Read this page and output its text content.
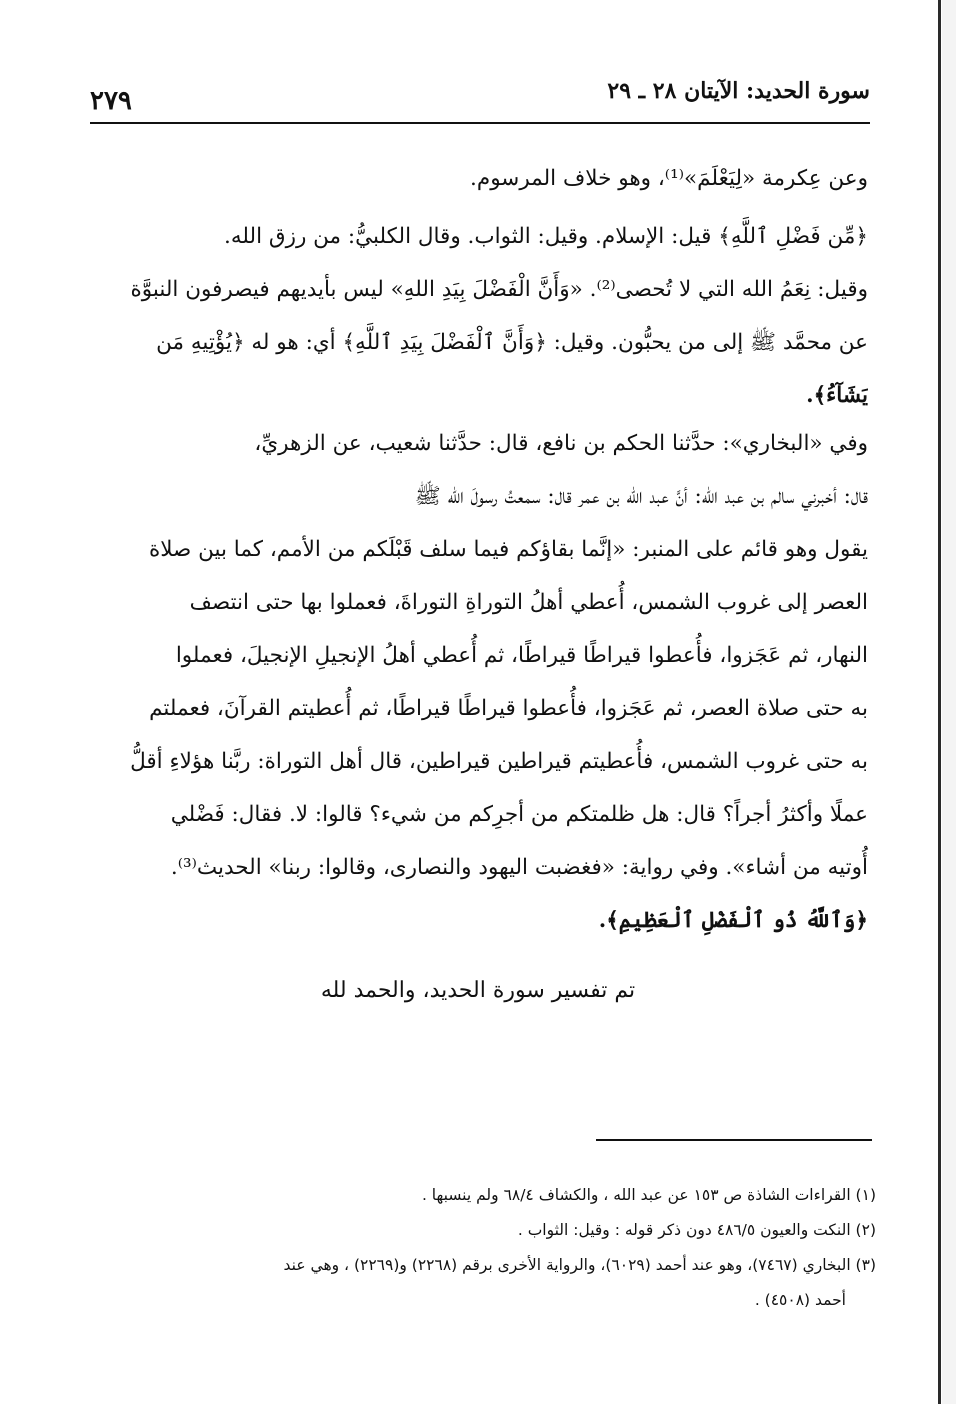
سورة الحديد: الآيتان ٢٨ ـ ٢٩
٢٧٩
وعن عِكرمة «لِيَعْلَمَ»⁽¹⁾، وهو خلاف المرسوم.
﴿مِّن فَضْلِ ٱللَّهِ﴾ قيل: الإسلام. وقيل: الثواب. وقال الكلبيُّ: من رزق الله.
وقيل: نِعَمُ الله التي لا تُحصى⁽²⁾. «وَأَنَّ الْفَضْلَ بِيَدِ اللهِ» ليس بأيديهم فيصرفون النبوَّة
عن محمَّد ﷺ إلى من يحبُّون. وقيل: ﴿وَأَنَّ ٱلْفَضْلَ بِيَدِ ٱللَّهِ﴾ أي: هو له ﴿يُؤْتِيهِ مَن
يَشَآءُ﴾.
وفي «البخاري»: حدَّثنا الحكم بن نافع، قال: حدَّثنا شعيب، عن الزهريِّ،
قال: أخبرني سالم بن عبد الله: أنَّ عبد الله بن عمر قال: سمعتُ رسولَ الله ﷺ
يقول وهو قائم على المنبر: «إنَّما بقاؤكم فيما سلف قَبْلَكم من الأمم، كما بين صلاة
العصر إلى غروب الشمس، أُعطي أهلُ التوراةِ التوراةَ، فعملوا بها حتى انتصف
النهار، ثم عَجَزوا، فأُعطوا قيراطًا قيراطًا، ثم أُعطي أهلُ الإنجيلِ الإنجيلَ، فعملوا
به حتى صلاة العصر، ثم عَجَزوا، فأُعطوا قيراطًا قيراطًا، ثم أُعطيتم القرآنَ، فعملتم
به حتى غروب الشمس، فأُعطيتم قيراطين قيراطين، قال أهل التوراة: ربَّنا هؤلاءِ أقلُّ
عملًا وأكثرُ أجراً؟ قال: هل ظلمتكم من أجرِكم من شيء؟ قالوا: لا. فقال: فَضْلي
أُوتيه من أشاء». وفي رواية: «فغضبت اليهود والنصارى، وقالوا: ربنا» الحديث⁽³⁾.
﴿وَٱللَّهُ ذُو ٱلْفَضْلِ ٱلْعَظِيمِ﴾.
تم تفسير سورة الحديد، والحمد لله
(١) القراءات الشاذة ص ١٥٣ عن عبد الله ، والكشاف ٦٨/٤ ولم ينسبها .
(٢) النكت والعيون ٤٨٦/٥ دون ذكر قوله : وقيل: الثواب .
(٣) البخاري (٧٤٦٧)، وهو عند أحمد (٦٠٢٩)، والرواية الأخرى برقم (٢٢٦٨) و(٢٢٦٩) ، وهي عند
أحمد (٤٥٠٨) .
